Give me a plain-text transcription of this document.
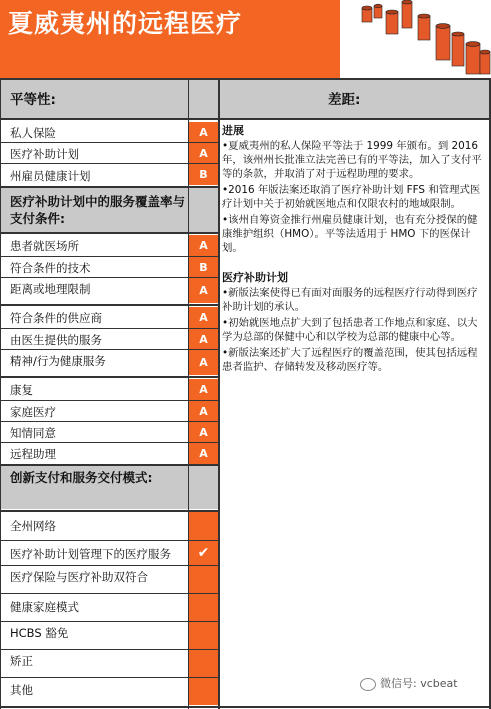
夏威夷州的远程医疗
平等性:	差距:
私人保险	A
医疗补助计划	A
州雇员健康计划	B
医疗补助计划中的服务覆盖率与支付条件:
患者就医场所	A
符合条件的技术	B
距离或地理限制	A
符合条件的供应商	A
由医生提供的服务	A
精神/行为健康服务	A
康复	A
家庭医疗	A
知情同意	A
远程助理	A
创新支付和服务交付模式:
全州网络
医疗补助计划管理下的医疗服务	✔
医疗保险与医疗补助双符合
健康家庭模式
HCBS 豁免
矫正
其他
进展

•夏威夷州的私人保险平等法于 1999 年颁布。到 2016 年，该州州长批准立法完善已有的平等法，加入了支付平等的条款，并取消了对于远程助理的要求。

•2016 年版法案还取消了医疗补助计划 FFS 和管理式医疗计划中关于初始就医地点和仅限农村的地域限制。

•该州自筹资金推行州雇员健康计划，也有充分授保的健康维护组织（HMO）。平等法适用于 HMO 下的医保计划。

医疗补助计划

•新版法案使得已有面对面服务的远程医疗行动得到医疗补助计划的承认。

•初始就医地点扩大到了包括患者工作地点和家庭、以大学为总部的保健中心和以学校为总部的健康中心等。

•新版法案还扩大了远程医疗的覆盖范围，使其包括远程患者监护、存储转发及移动医疗等。

微信号: vcbeat
